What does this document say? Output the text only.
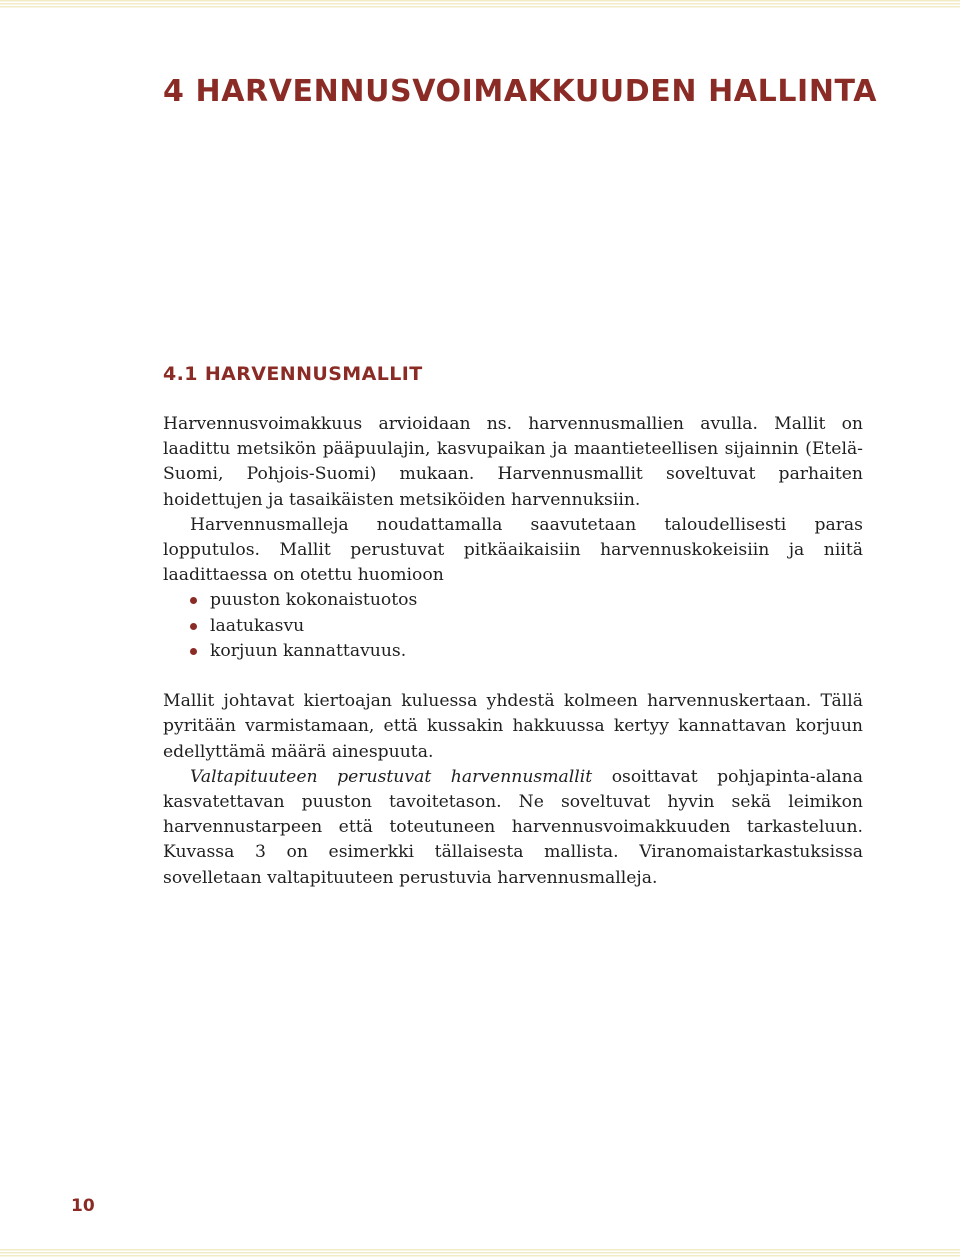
4 HARVENNUSVOIMAKKUUDEN HALLINTA
4.1 HARVENNUSMALLIT

Harvennusvoimakkuus arvioidaan ns. harvennusmallien avulla. Mallit on laadittu metsikön pääpuulajin, kasvupaikan ja maantieteellisen sijainnin (Etelä-Suomi, Pohjois-Suomi) mukaan. Harvennusmallit soveltuvat parhaiten hoidettujen ja tasaikäisten metsiköiden harvennuksiin.

Harvennusmalleja noudattamalla saavutetaan taloudellisesti paras lopputulos. Mallit perustuvat pitkäaikaisiin harvennuskokeisiin ja niitä laadittaessa on otettu huomioon

puuston kokonaistuotos
laatukasvu
korjuun kannattavuus.

Mallit johtavat kiertoajan kuluessa yhdestä kolmeen harvennuskertaan. Tällä pyritään varmistamaan, että kussakin hakkuussa kertyy kannattavan korjuun edellyttämä määrä ainespuuta.

Valtapituuteen perustuvat harvennusmallit osoittavat pohjapinta-alana kasvatettavan puuston tavoitetason. Ne soveltuvat hyvin sekä leimikon harvennustarpeen että toteutuneen harvennusvoimakkuuden tarkasteluun. Kuvassa 3 on esimerkki tällaisesta mallista. Viranomaistarkastuksissa sovelletaan valtapituuteen perustuvia harvennusmalleja.

10
